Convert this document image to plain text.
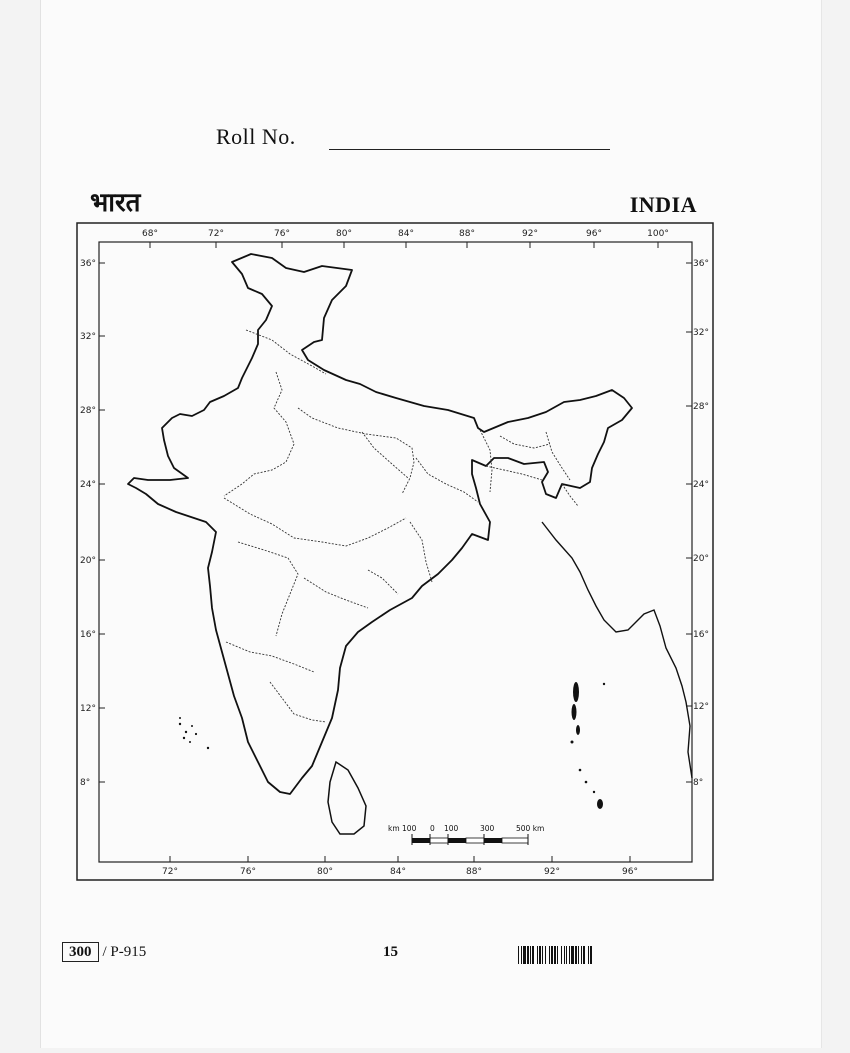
Roll No.
भारत	INDIA
68°	72°	76°	80°	84°	88°	92°	96°	100°
72°	76°	80°	84°	88°	92°	96°
36°
32°
28°
24°
20°
16°
12°
8°
36°
32°
28°
24°
20°
16°
12°
8°
km 100 0 100	300	500 km
300 / P-915	15
